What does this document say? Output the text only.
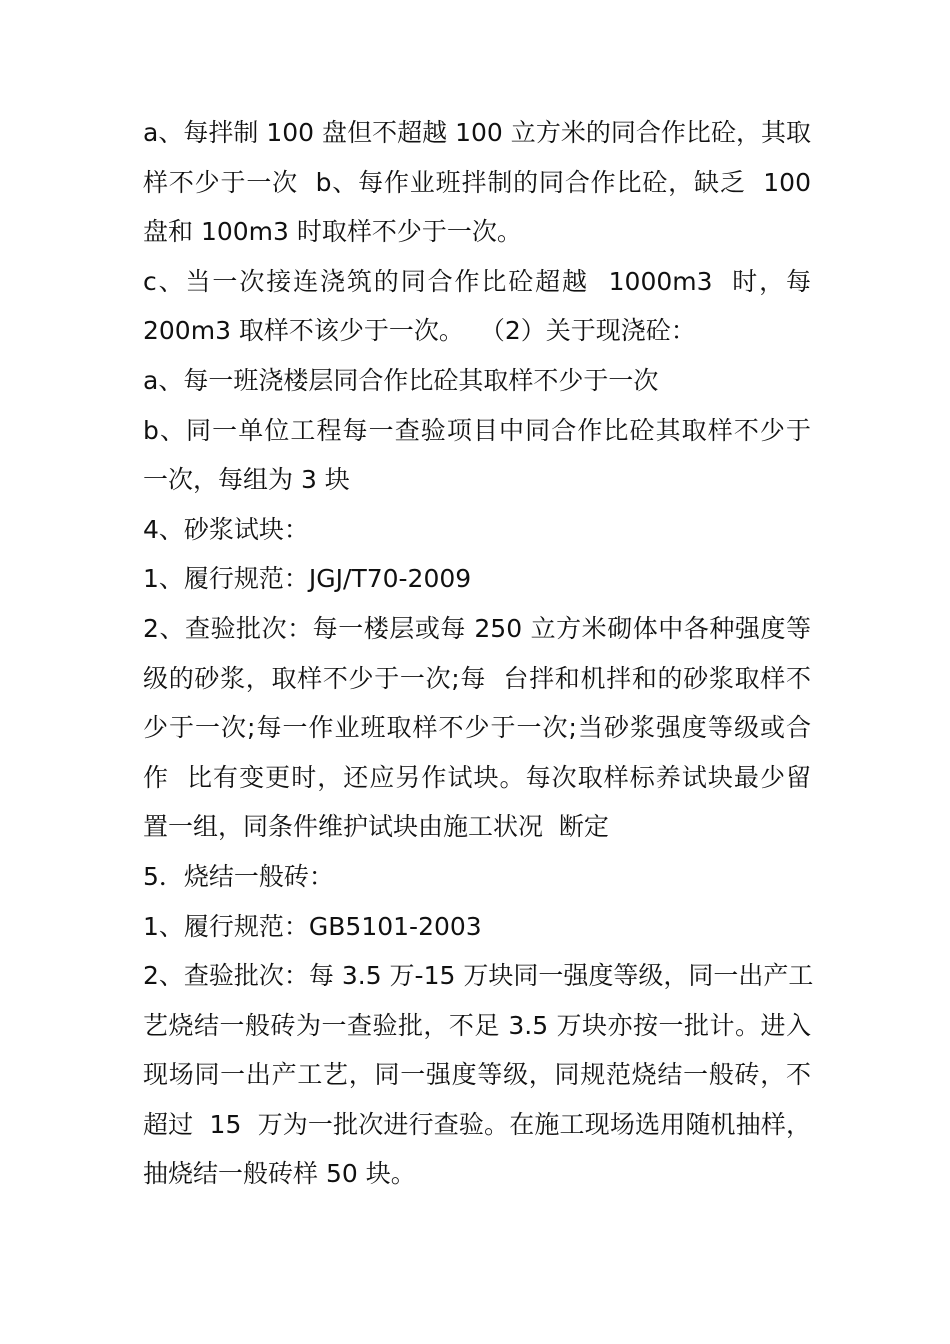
a、每拌制 100 盘但不超越 100 立方米的同合作比砼，其取
样不少于一次  b、每作业班拌制的同合作比砼，缺乏  100
盘和 100m3 时取样不少于一次。
c、当一次接连浇筑的同合作比砼超越  1000m3  时，每
200m3 取样不该少于一次。  （2）关于现浇砼：
a、每一班浇楼层同合作比砼其取样不少于一次
b、同一单位工程每一查验项目中同合作比砼其取样不少于
一次，每组为 3 块
4、砂浆试块：
1、履行规范：JGJ/T70-2009
2、查验批次：每一楼层或每 250 立方米砌体中各种强度等
级的砂浆，取样不少于一次;每  台拌和机拌和的砂浆取样不
少于一次;每一作业班取样不少于一次;当砂浆强度等级或合
作  比有变更时，还应另作试块。每次取样标养试块最少留
置一组，同条件维护试块由施工状况  断定
5．烧结一般砖：
1、履行规范：GB5101-2003
2、查验批次：每 3.5 万-15 万块同一强度等级，同一出产工
艺烧结一般砖为一查验批，不足 3.5 万块亦按一批计。进入
现场同一出产工艺，同一强度等级，同规范烧结一般砖，不
超过  15  万为一批次进行查验。在施工现场选用随机抽样，
抽烧结一般砖样 50 块。
